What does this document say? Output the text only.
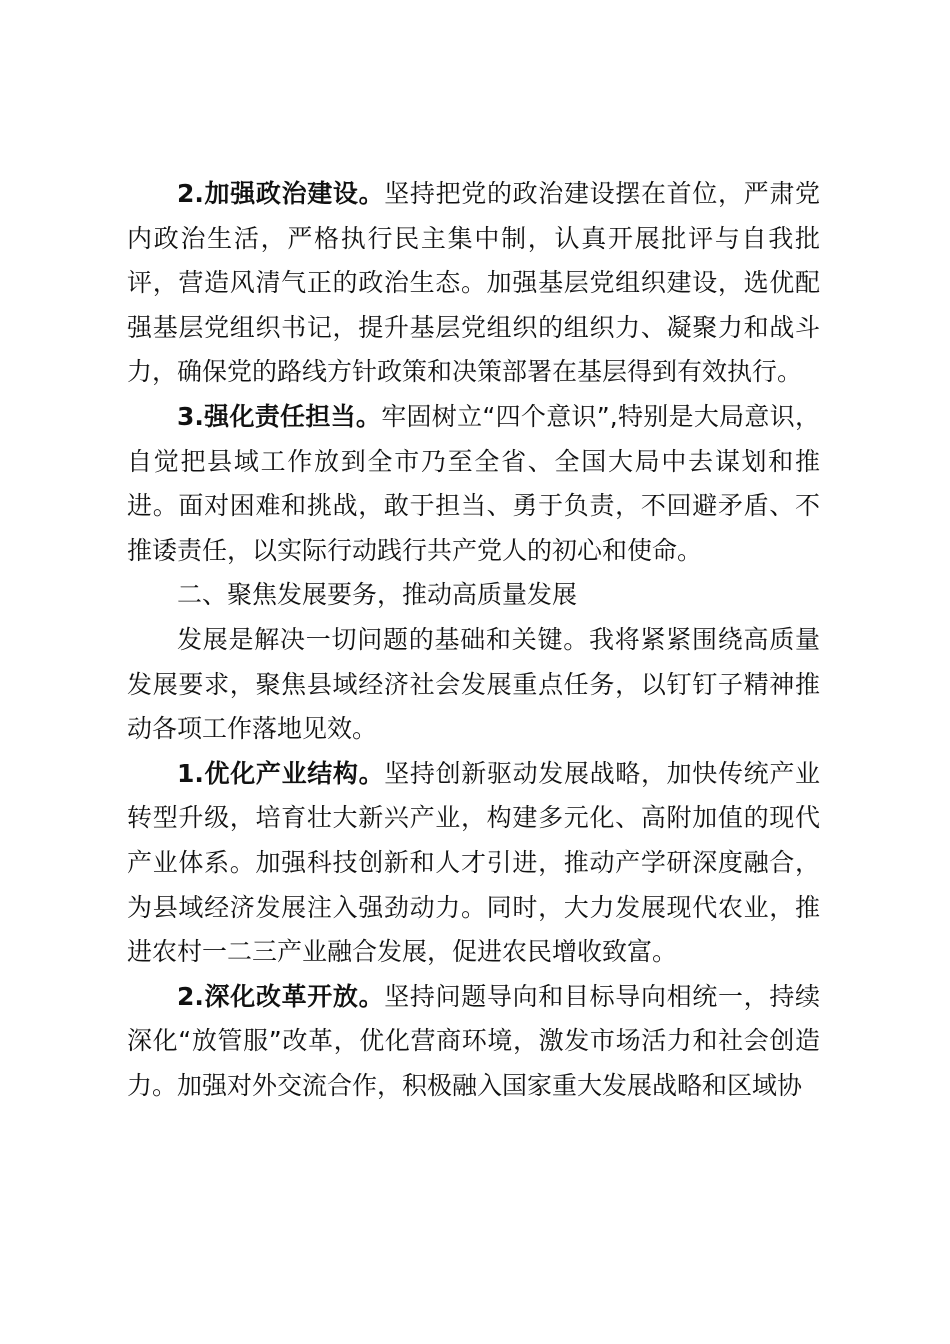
2.加强政治建设。坚持把党的政治建设摆在首位，严肃党内政治生活，严格执行民主集中制，认真开展批评与自我批评，营造风清气正的政治生态。加强基层党组织建设，选优配强基层党组织书记，提升基层党组织的组织力、凝聚力和战斗力，确保党的路线方针政策和决策部署在基层得到有效执行。

3.强化责任担当。牢固树立“四个意识”,特别是大局意识，自觉把县域工作放到全市乃至全省、全国大局中去谋划和推进。面对困难和挑战，敢于担当、勇于负责，不回避矛盾、不推诿责任，以实际行动践行共产党人的初心和使命。

二、聚焦发展要务，推动高质量发展

发展是解决一切问题的基础和关键。我将紧紧围绕高质量发展要求，聚焦县域经济社会发展重点任务，以钉钉子精神推动各项工作落地见效。

1.优化产业结构。坚持创新驱动发展战略，加快传统产业转型升级，培育壮大新兴产业，构建多元化、高附加值的现代产业体系。加强科技创新和人才引进，推动产学研深度融合，为县域经济发展注入强劲动力。同时，大力发展现代农业，推进农村一二三产业融合发展，促进农民增收致富。

2.深化改革开放。坚持问题导向和目标导向相统一，持续深化“放管服”改革，优化营商环境，激发市场活力和社会创造力。加强对外交流合作，积极融入国家重大发展战略和区域协
